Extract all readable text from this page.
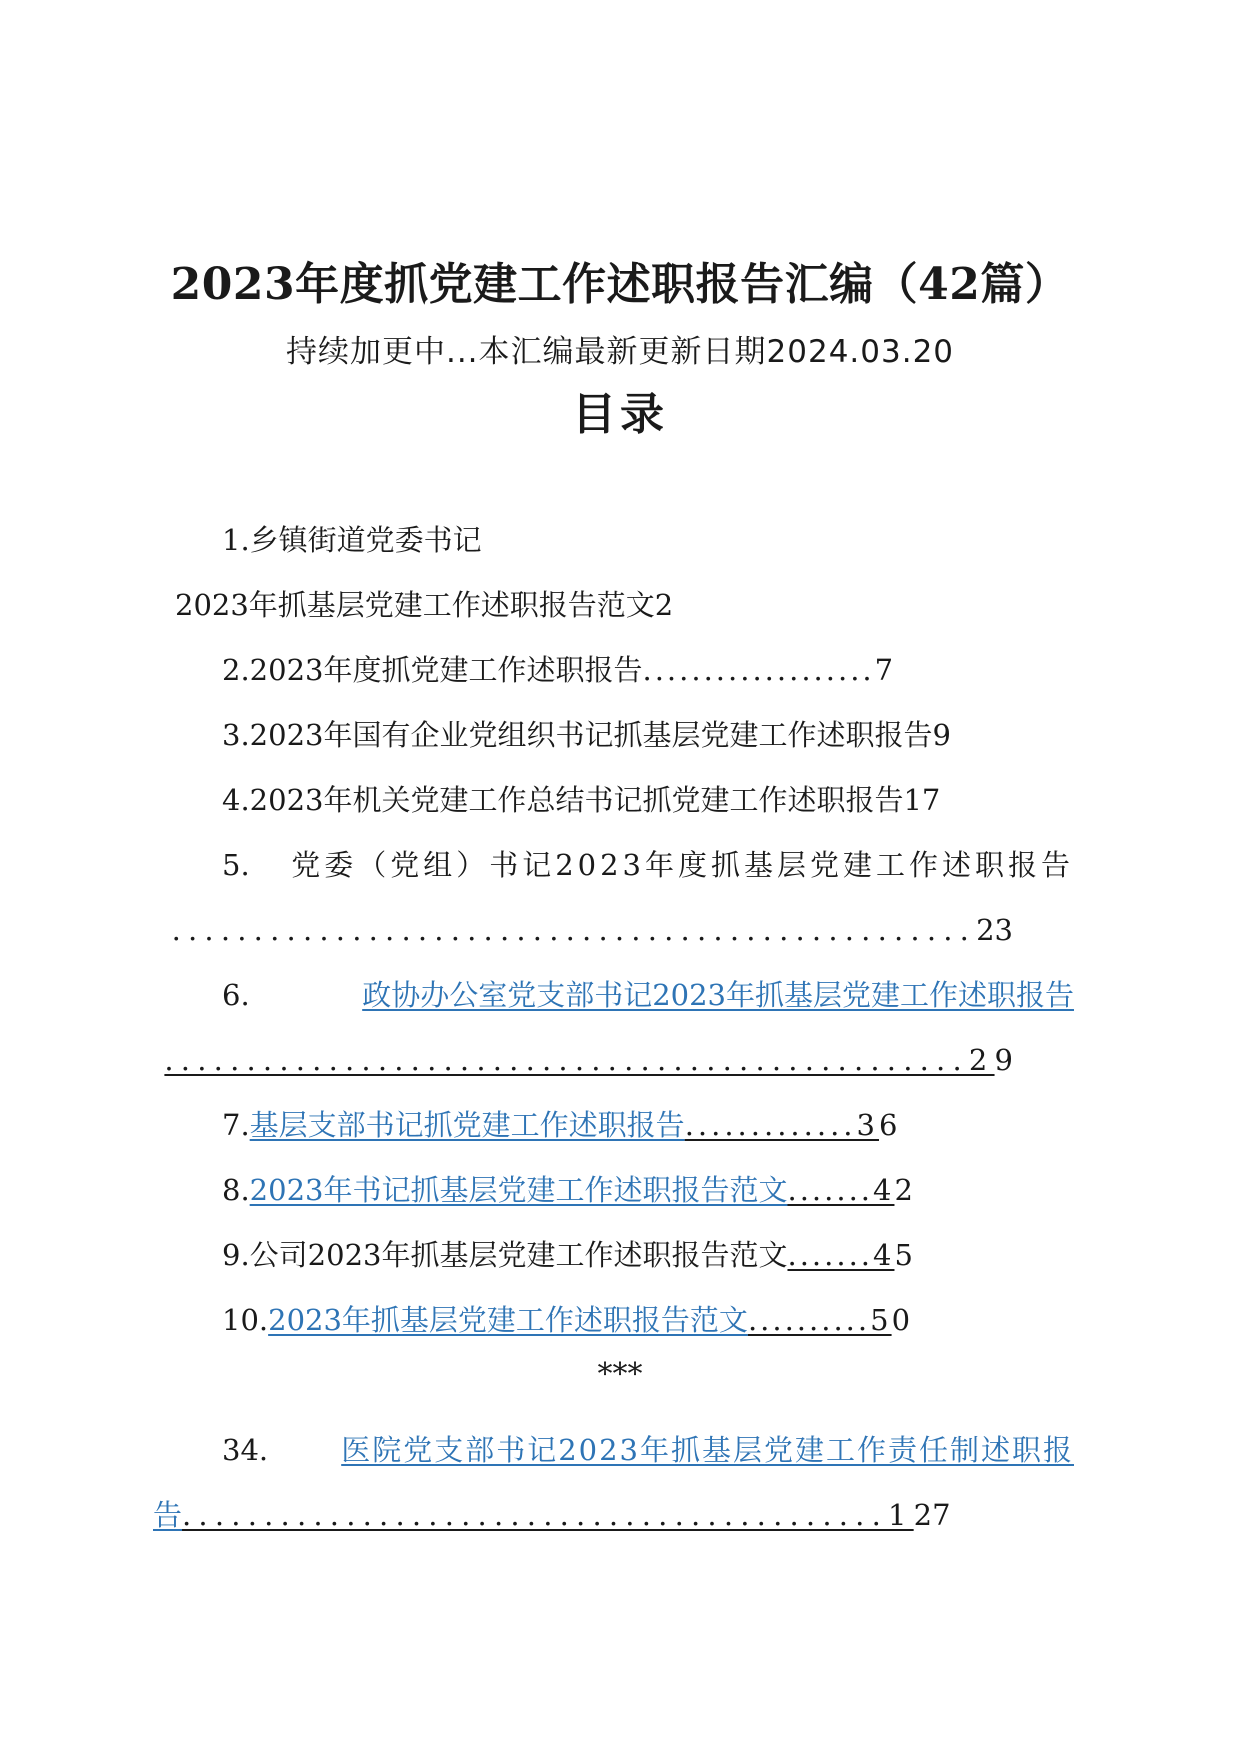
2023年度抓党建工作述职报告汇编（42篇）
持续加更中...本汇编最新更新日期2024.03.20
目录
1.乡镇街道党委书记
2023年抓基层党建工作述职报告范文2
2.2023年度抓党建工作述职报告...................7
3.2023年国有企业党组织书记抓基层党建工作述职报告9
4.2023年机关党建工作总结书记抓党建工作述职报告17
5. 党委（党组）书记2023年度抓基层党建工作述职报告
.................................................23
6.	政协办公室党支部书记2023年抓基层党建工作述职报告
.................................................29
7.基层支部书记抓党建工作述职报告.............36
8.2023年书记抓基层党建工作述职报告范文.......42
9.公司2023年抓基层党建工作述职报告范文.......45
10.2023年抓基层党建工作述职报告范文..........50
***
34.	医院党支部书记2023年抓基层党建工作责任制述职报
告...........................................127
